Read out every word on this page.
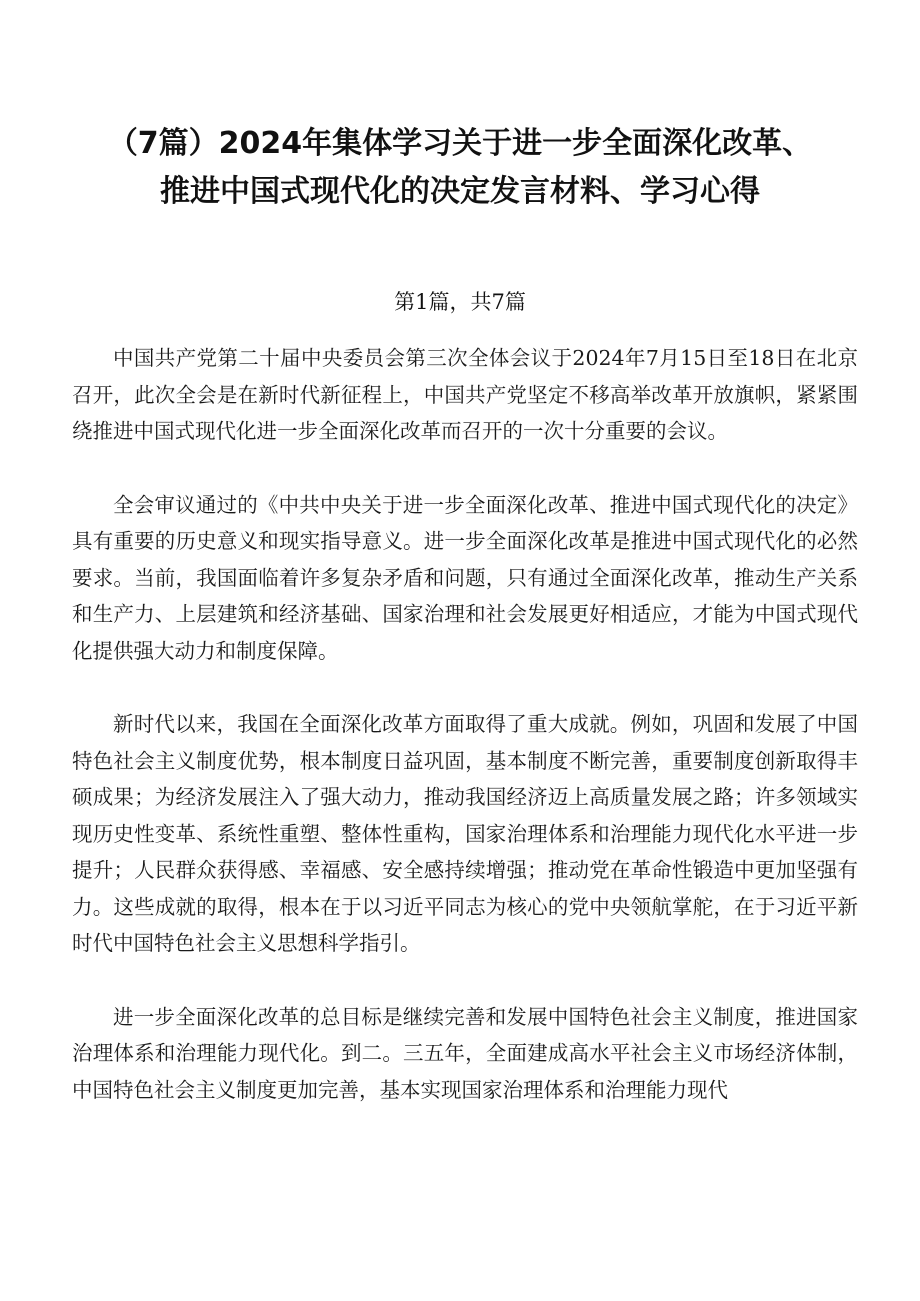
（7篇）2024年集体学习关于进一步全面深化改革、
推进中国式现代化的决定发言材料、学习心得
第1篇，共7篇

中国共产党第二十届中央委员会第三次全体会议于2024年7月15日至18日在北京召开，此次全会是在新时代新征程上，中国共产党坚定不移高举改革开放旗帜，紧紧围绕推进中国式现代化进一步全面深化改革而召开的一次十分重要的会议。

全会审议通过的《中共中央关于进一步全面深化改革、推进中国式现代化的决定》具有重要的历史意义和现实指导意义。进一步全面深化改革是推进中国式现代化的必然要求。当前，我国面临着许多复杂矛盾和问题，只有通过全面深化改革，推动生产关系和生产力、上层建筑和经济基础、国家治理和社会发展更好相适应，才能为中国式现代化提供强大动力和制度保障。

新时代以来，我国在全面深化改革方面取得了重大成就。例如，巩固和发展了中国特色社会主义制度优势，根本制度日益巩固，基本制度不断完善，重要制度创新取得丰硕成果；为经济发展注入了强大动力，推动我国经济迈上高质量发展之路；许多领域实现历史性变革、系统性重塑、整体性重构，国家治理体系和治理能力现代化水平进一步提升；人民群众获得感、幸福感、安全感持续增强；推动党在革命性锻造中更加坚强有力。这些成就的取得，根本在于以习近平同志为核心的党中央领航掌舵，在于习近平新时代中国特色社会主义思想科学指引。

进一步全面深化改革的总目标是继续完善和发展中国特色社会主义制度，推进国家治理体系和治理能力现代化。到二。三五年，全面建成高水平社会主义市场经济体制，中国特色社会主义制度更加完善，基本实现国家治理体系和治理能力现代
